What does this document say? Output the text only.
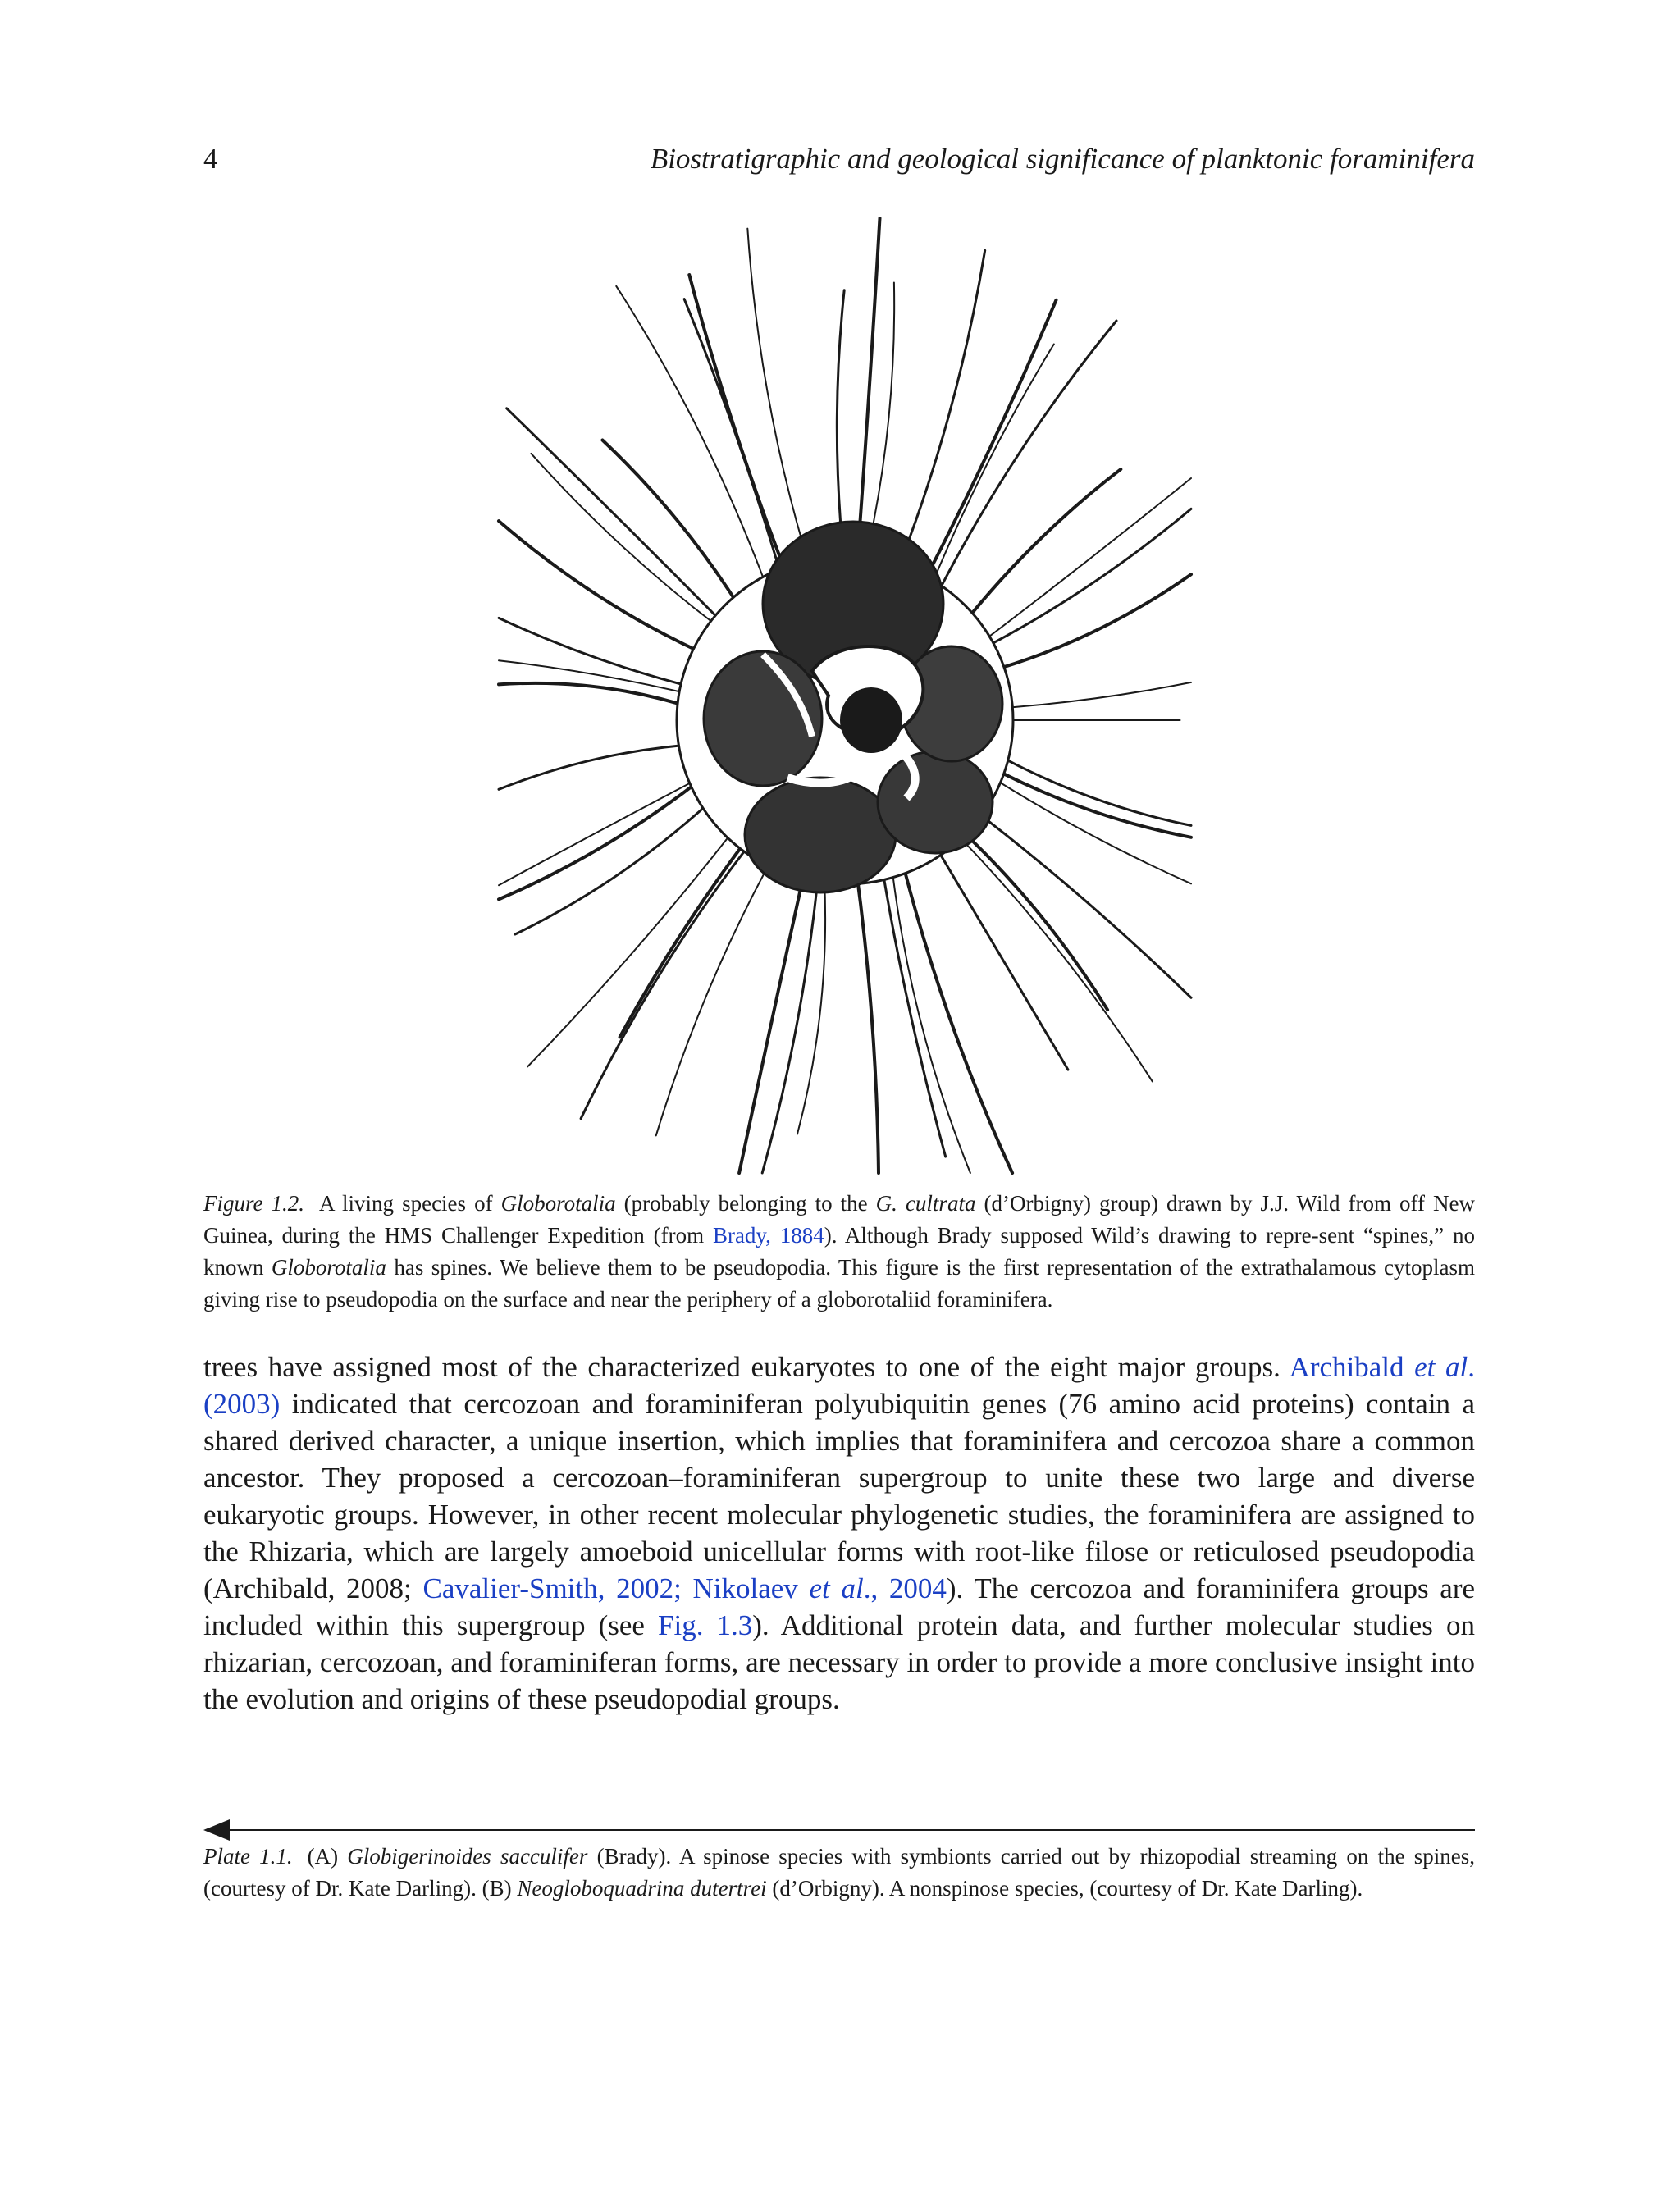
4	Biostratigraphic and geological significance of planktonic foraminifera
Figure 1.2. A living species of Globorotalia (probably belonging to the G. cultrata (d’Orbigny) group) drawn by J.J. Wild from off New Guinea, during the HMS Challenger Expedition (from Brady, 1884). Although Brady supposed Wild’s drawing to repre-sent “spines,” no known Globorotalia has spines. We believe them to be pseudopodia. This figure is the first representation of the extrathalamous cytoplasm giving rise to pseudopodia on the surface and near the periphery of a globorotaliid foraminifera.
trees have assigned most of the characterized eukaryotes to one of the eight major groups. Archibald et al. (2003) indicated that cercozoan and foraminiferan polyubiquitin genes (76 amino acid proteins) contain a shared derived character, a unique insertion, which implies that foraminifera and cercozoa share a common ancestor. They proposed a cercozoan–foraminiferan supergroup to unite these two large and diverse eukaryotic groups. However, in other recent molecular phylogenetic studies, the foraminifera are assigned to the Rhizaria, which are largely amoeboid unicellular forms with root-like filose or reticulosed pseudopodia (Archibald, 2008; Cavalier-Smith, 2002; Nikolaev et al., 2004). The cercozoa and foraminifera groups are included within this supergroup (see Fig. 1.3). Additional protein data, and further molecular studies on rhizarian, cercozoan, and foraminiferan forms, are necessary in order to provide a more conclusive insight into the evolution and origins of these pseudopodial groups.
Plate 1.1. (A) Globigerinoides sacculifer (Brady). A spinose species with symbionts carried out by rhizopodial streaming on the spines, (courtesy of Dr. Kate Darling). (B) Neogloboquadrina dutertrei (d’Orbigny). A nonspinose species, (courtesy of Dr. Kate Darling).
